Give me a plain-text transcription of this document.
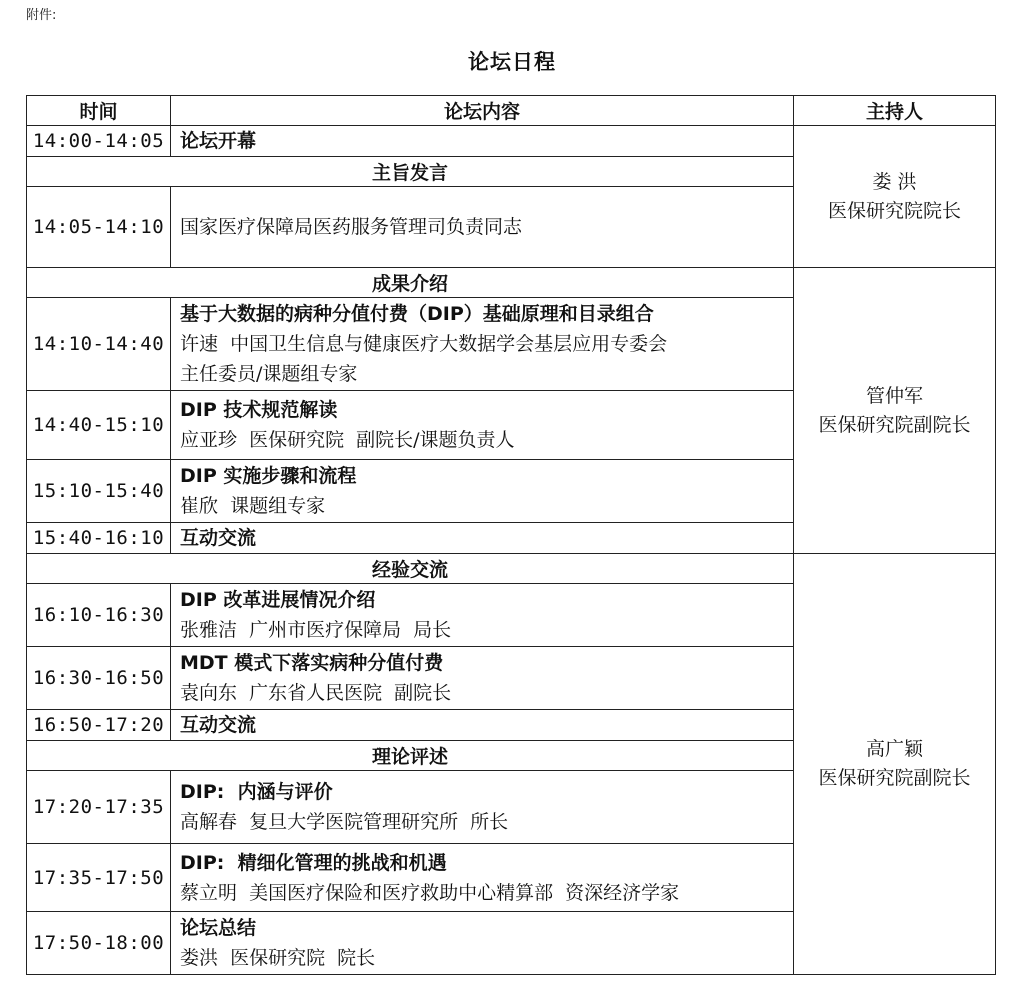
附件:
论坛日程
时间	论坛内容	主持人
14:00-14:05	论坛开幕	娄 洪
医保研究院院长

主旨发言		
14:05-14:10	国家医疗保障局医药服务管理司负责同志	

成果介绍		管仲军
医保研究院副院长

14:10-14:40	基于大数据的病种分值付费（DIP）基础原理和目录组合
许速  中国卫生信息与健康医疗大数据学会基层应用专委会
主任委员/课题组专家	

14:40-15:10	DIP 技术规范解读
应亚珍  医保研究院  副院长/课题负责人	

15:10-15:40	DIP 实施步骤和流程
崔欣  课题组专家	

15:40-16:10	互动交流	

经验交流		高广颖
医保研究院副院长

16:10-16:30	DIP 改革进展情况介绍
张雅洁  广州市医疗保障局  局长	

16:30-16:50	MDT 模式下落实病种分值付费
袁向东  广东省人民医院  副院长	

16:50-17:20	互动交流	

理论评述		
17:20-17:35	DIP:  内涵与评价
高解春  复旦大学医院管理研究所  所长	

17:35-17:50	DIP:  精细化管理的挑战和机遇
蔡立明  美国医疗保险和医疗救助中心精算部  资深经济学家	

17:50-18:00	论坛总结
娄洪  医保研究院  院长	
